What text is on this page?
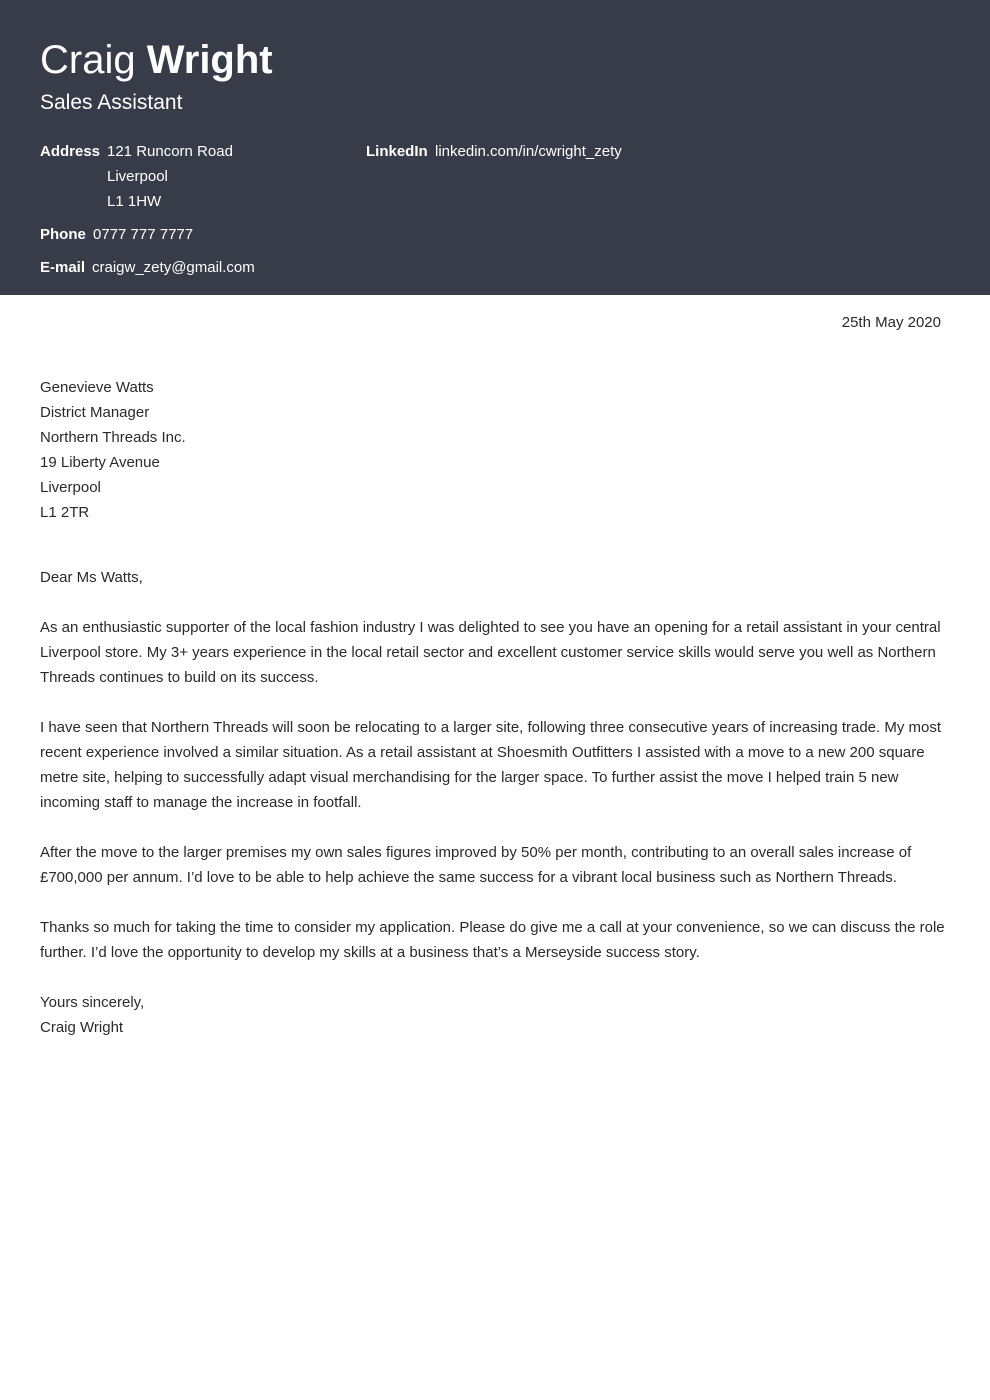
Craig Wright
Sales Assistant
Address 121 Runcorn Road
Liverpool
L1 1HW
LinkedIn linkedin.com/in/cwright_zety
Phone 0777 777 7777
E-mail craigw_zety@gmail.com
25th May 2020
Genevieve Watts
District Manager
Northern Threads Inc.
19 Liberty Avenue
Liverpool
L1 2TR

Dear Ms Watts,

As an enthusiastic supporter of the local fashion industry I was delighted to see you have an opening for a retail assistant in your central Liverpool store. My 3+ years experience in the local retail sector and excellent customer service skills would serve you well as Northern Threads continues to build on its success.

I have seen that Northern Threads will soon be relocating to a larger site, following three consecutive years of increasing trade. My most recent experience involved a similar situation. As a retail assistant at Shoesmith Outfitters I assisted with a move to a new 200 square metre site, helping to successfully adapt visual merchandising for the larger space. To further assist the move I helped train 5 new incoming staff to manage the increase in footfall.

After the move to the larger premises my own sales figures improved by 50% per month, contributing to an overall sales increase of £700,000 per annum. I’d love to be able to help achieve the same success for a vibrant local business such as Northern Threads.

Thanks so much for taking the time to consider my application. Please do give me a call at your convenience, so we can discuss the role further. I’d love the opportunity to develop my skills at a business that’s a Merseyside success story.

Yours sincerely,
Craig Wright
